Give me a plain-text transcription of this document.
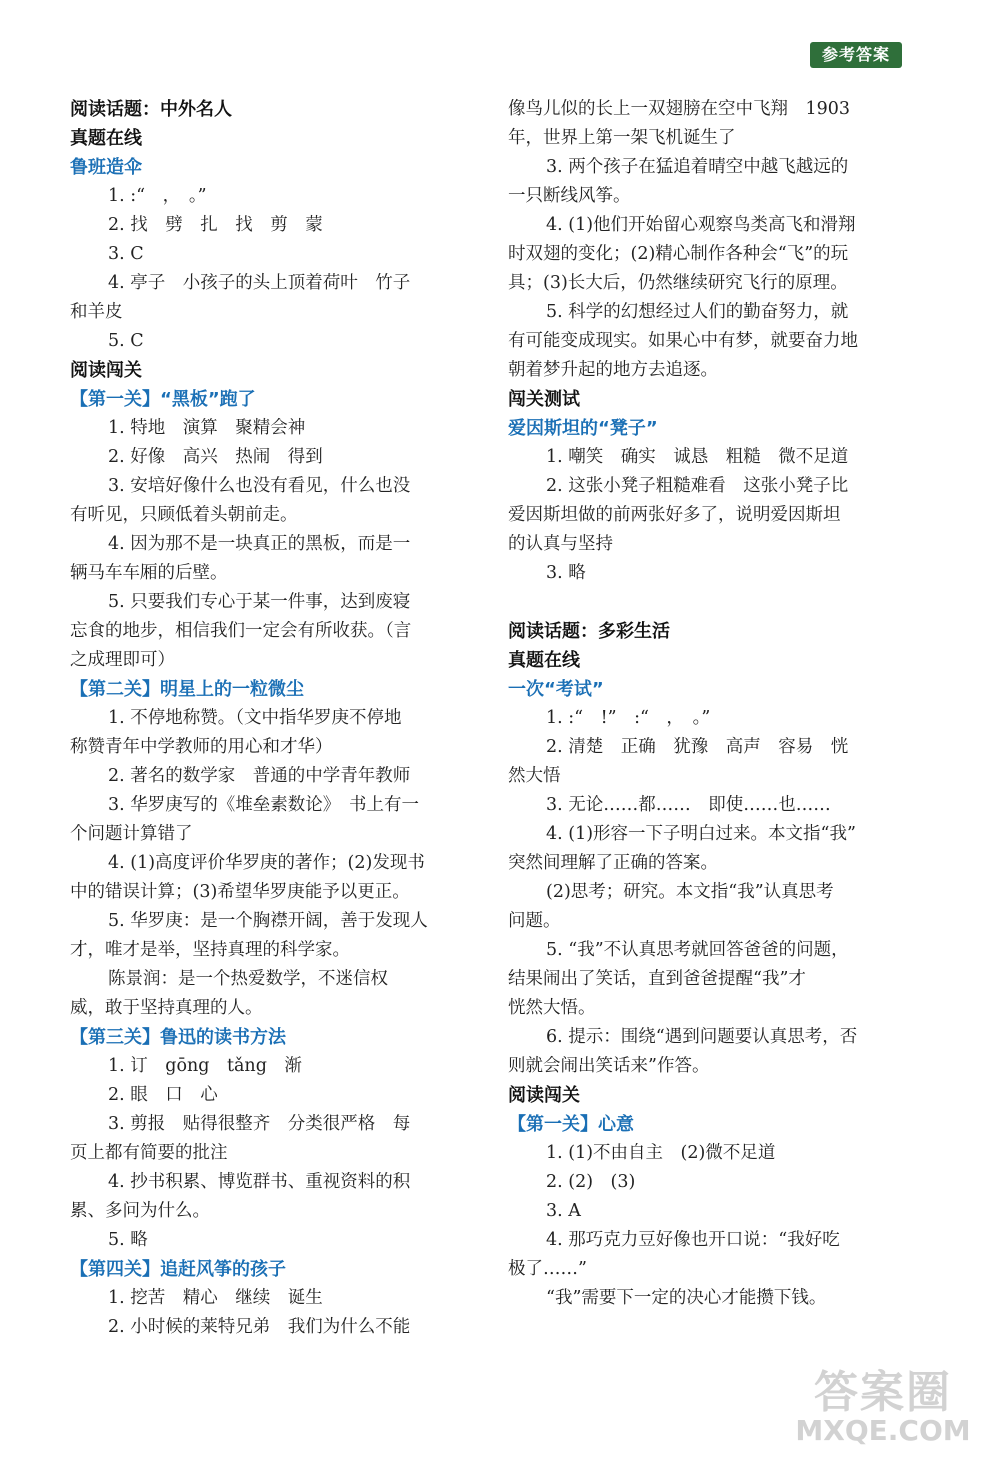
参考答案
阅读话题：中外名人
真题在线
鲁班造伞
1. :“　，　。”
2. 找　劈　扎　找　剪　蒙
3. C
4. 亭子　小孩子的头上顶着荷叶　竹子
和羊皮
5. C
阅读闯关
【第一关】“黑板”跑了
1. 特地　演算　聚精会神
2. 好像　高兴　热闹　得到
3. 安培好像什么也没有看见，什么也没
有听见，只顾低着头朝前走。
4. 因为那不是一块真正的黑板，而是一
辆马车车厢的后壁。
5. 只要我们专心于某一件事，达到废寝
忘食的地步，相信我们一定会有所收获。（言
之成理即可）
【第二关】明星上的一粒微尘
1. 不停地称赞。（文中指华罗庚不停地
称赞青年中学教师的用心和才华）
2. 著名的数学家　普通的中学青年教师
3. 华罗庚写的《堆垒素数论》　书上有一
个问题计算错了
4. (1)高度评价华罗庚的著作；(2)发现书
中的错误计算；(3)希望华罗庚能予以更正。
5. 华罗庚：是一个胸襟开阔，善于发现人
才，唯才是举，坚持真理的科学家。
陈景润：是一个热爱数学，不迷信权
威，敢于坚持真理的人。
【第三关】鲁迅的读书方法
1. 订　gōng　tǎng　渐
2. 眼　口　心
3. 剪报　贴得很整齐　分类很严格　每
页上都有简要的批注
4. 抄书积累、博览群书、重视资料的积
累、多问为什么。
5. 略
【第四关】追赶风筝的孩子
1. 挖苦　精心　继续　诞生
2. 小时候的莱特兄弟　我们为什么不能
像鸟儿似的长上一双翅膀在空中飞翔　1903
年，世界上第一架飞机诞生了
3. 两个孩子在猛追着晴空中越飞越远的
一只断线风筝。
4. (1)他们开始留心观察鸟类高飞和滑翔
时双翅的变化；(2)精心制作各种会“飞”的玩
具；(3)长大后，仍然继续研究飞行的原理。
5. 科学的幻想经过人们的勤奋努力，就
有可能变成现实。如果心中有梦，就要奋力地
朝着梦升起的地方去追逐。
闯关测试
爱因斯坦的“凳子”
1. 嘲笑　确实　诚恳　粗糙　微不足道
2. 这张小凳子粗糙难看　这张小凳子比
爱因斯坦做的前两张好多了，说明爱因斯坦
的认真与坚持
3. 略
阅读话题：多彩生活
真题在线
一次“考试”
1. :“　!”　:“　，　。”
2. 清楚　正确　犹豫　高声　容易　恍
然大悟
3. 无论……都……　即使……也……
4. (1)形容一下子明白过来。本文指“我”
突然间理解了正确的答案。
(2)思考；研究。本文指“我”认真思考
问题。
5. “我”不认真思考就回答爸爸的问题，
结果闹出了笑话，直到爸爸提醒“我”才
恍然大悟。
6. 提示：围绕“遇到问题要认真思考，否
则就会闹出笑话来”作答。
阅读闯关
【第一关】心意
1. (1)不由自主　(2)微不足道
2. (2)　(3)
3. A
4. 那巧克力豆好像也开口说：“我好吃
极了……”
“我”需要下一定的决心才能攒下钱。
答案圈
MXQE.COM
